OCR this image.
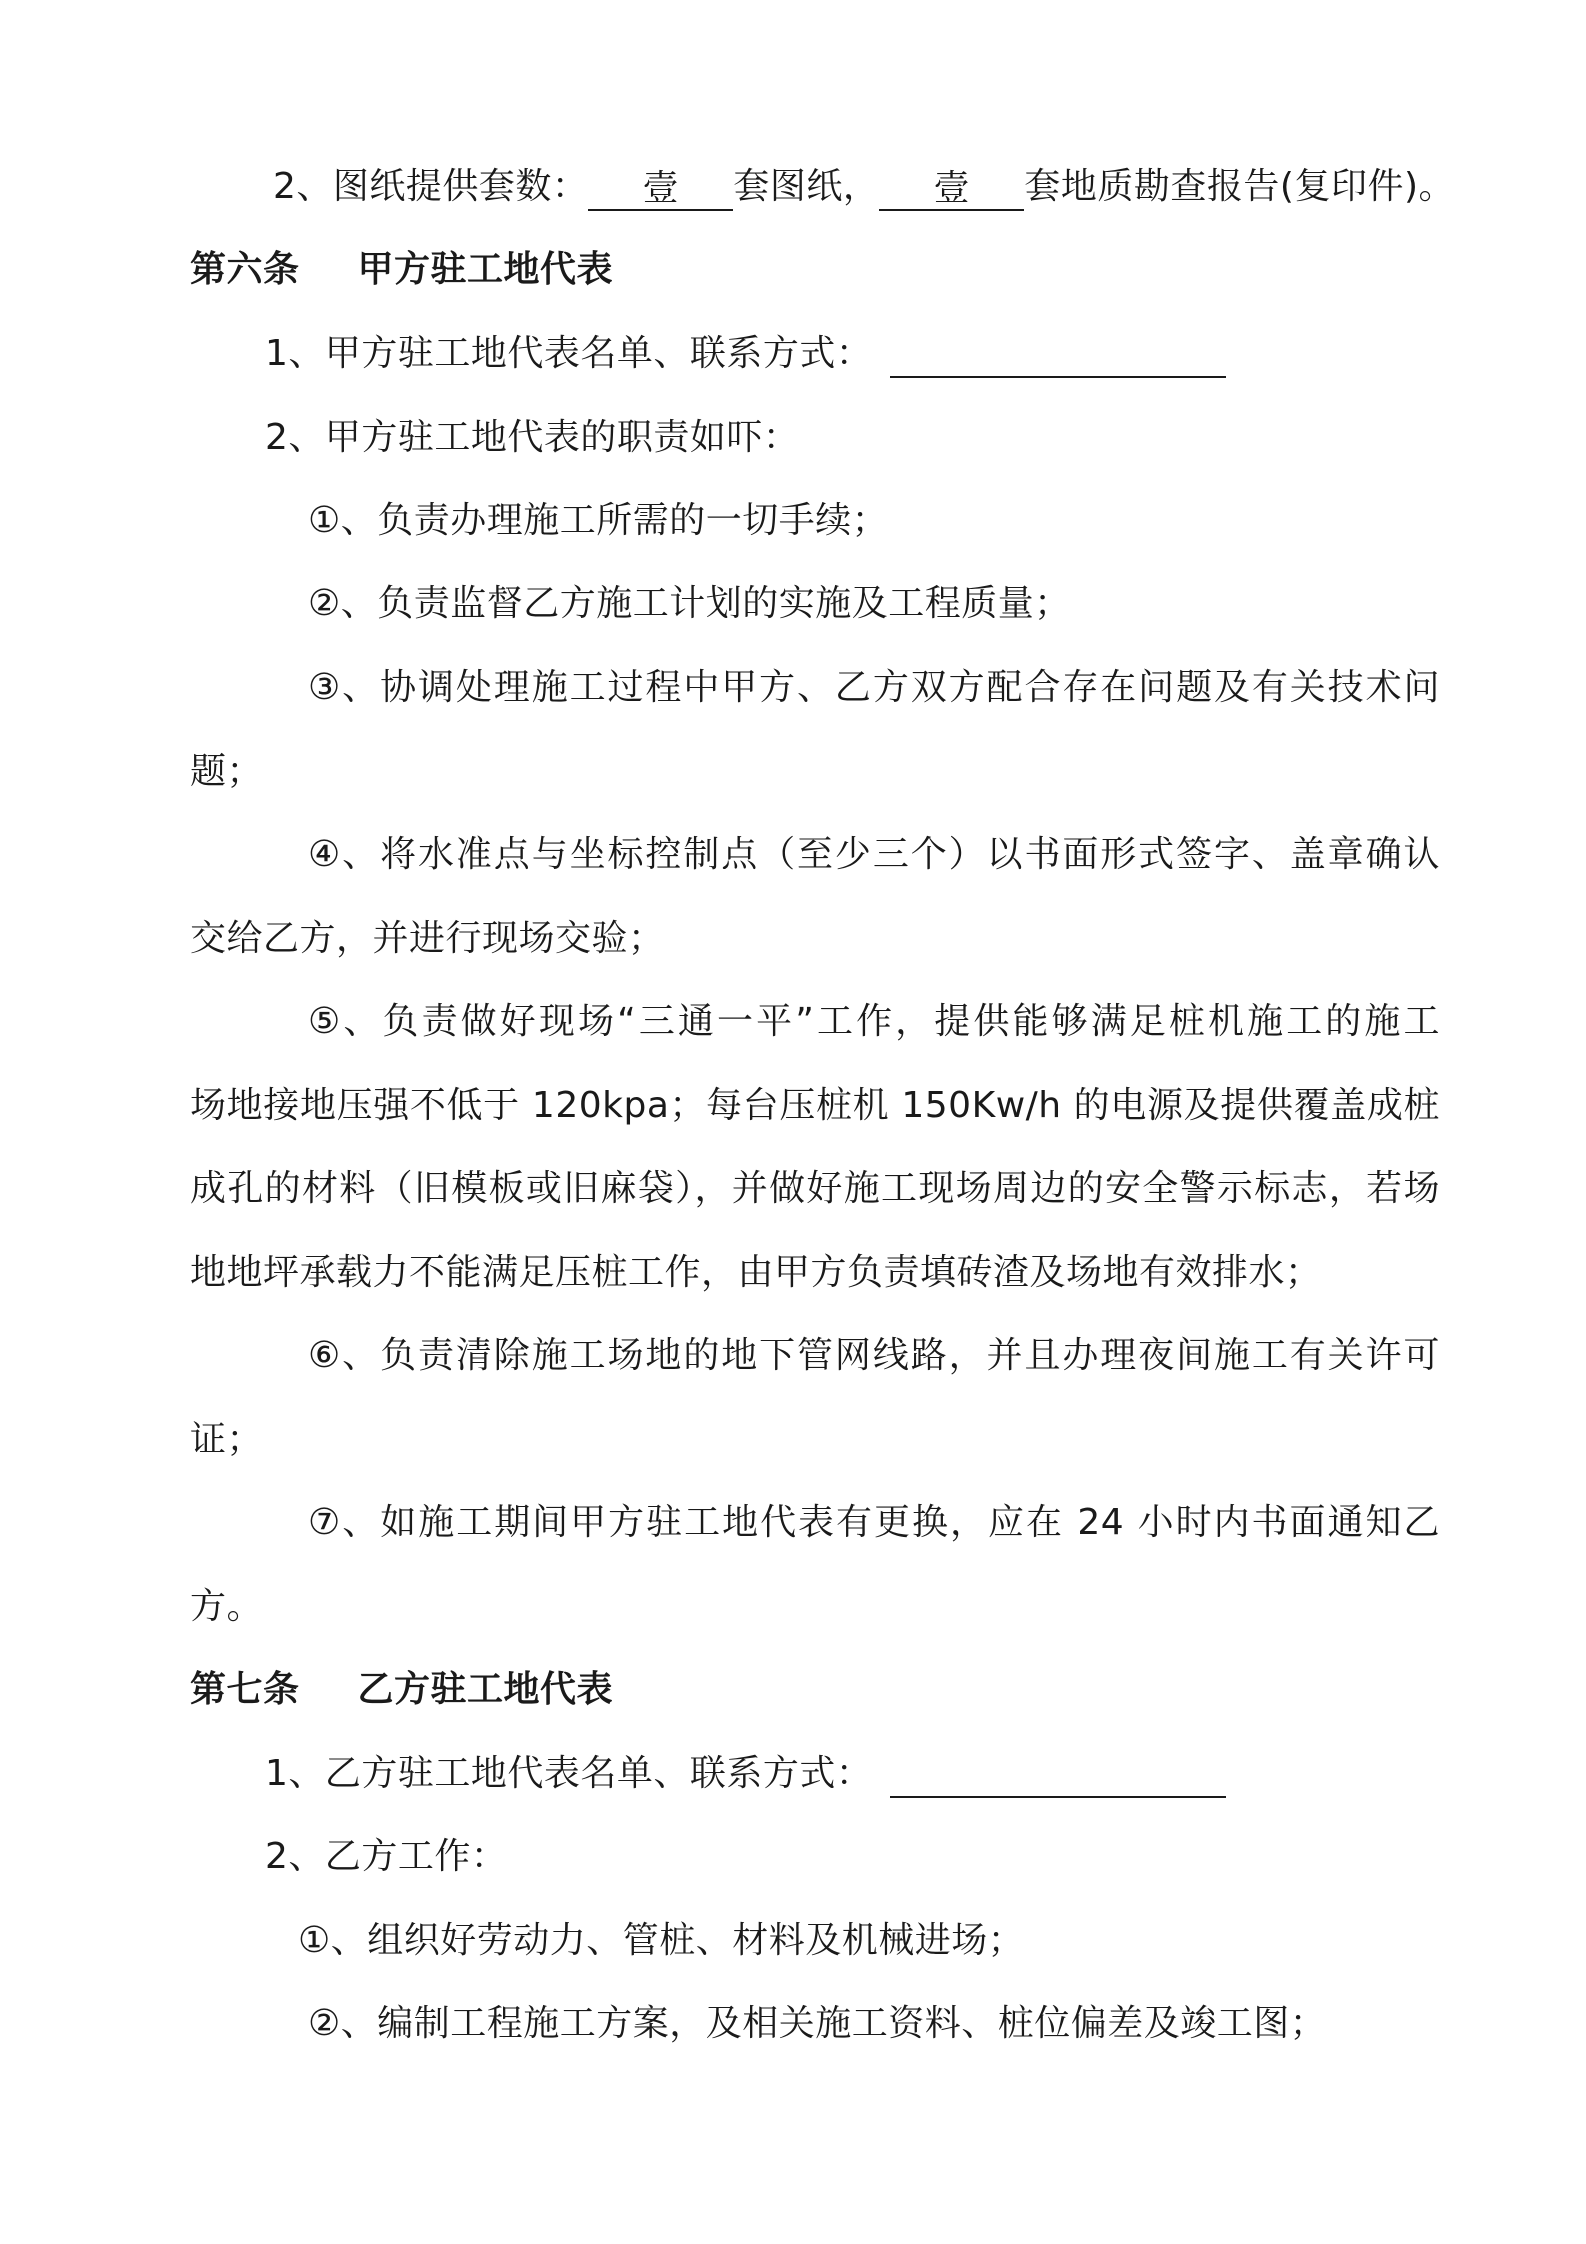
2、图纸提供套数： 壹 套图纸， 壹 套地质勘查报告(复印件)。
第六条 甲方驻工地代表
1、甲方驻工地代表名单、联系方式：
2、甲方驻工地代表的职责如吓：
①、负责办理施工所需的一切手续；
②、负责监督乙方施工计划的实施及工程质量；
③、协调处理施工过程中甲方、乙方双方配合存在问题及有关技术问
题；
④、将水准点与坐标控制点（至少三个）以书面形式签字、盖章确认
交给乙方，并进行现场交验；
⑤、负责做好现场“三通一平”工作，提供能够满足桩机施工的施工
场地接地压强不低于 120kpa；每台压桩机 150Kw/h 的电源及提供覆盖成桩
成孔的材料（旧模板或旧麻袋），并做好施工现场周边的安全警示标志，若场
地地坪承载力不能满足压桩工作，由甲方负责填砖渣及场地有效排水；
⑥、负责清除施工场地的地下管网线路，并且办理夜间施工有关许可
证；
⑦、如施工期间甲方驻工地代表有更换，应在 24 小时内书面通知乙
方。
第七条 乙方驻工地代表
1、乙方驻工地代表名单、联系方式：
2、乙方工作：
①、组织好劳动力、管桩、材料及机械进场；
②、编制工程施工方案，及相关施工资料、桩位偏差及竣工图；
